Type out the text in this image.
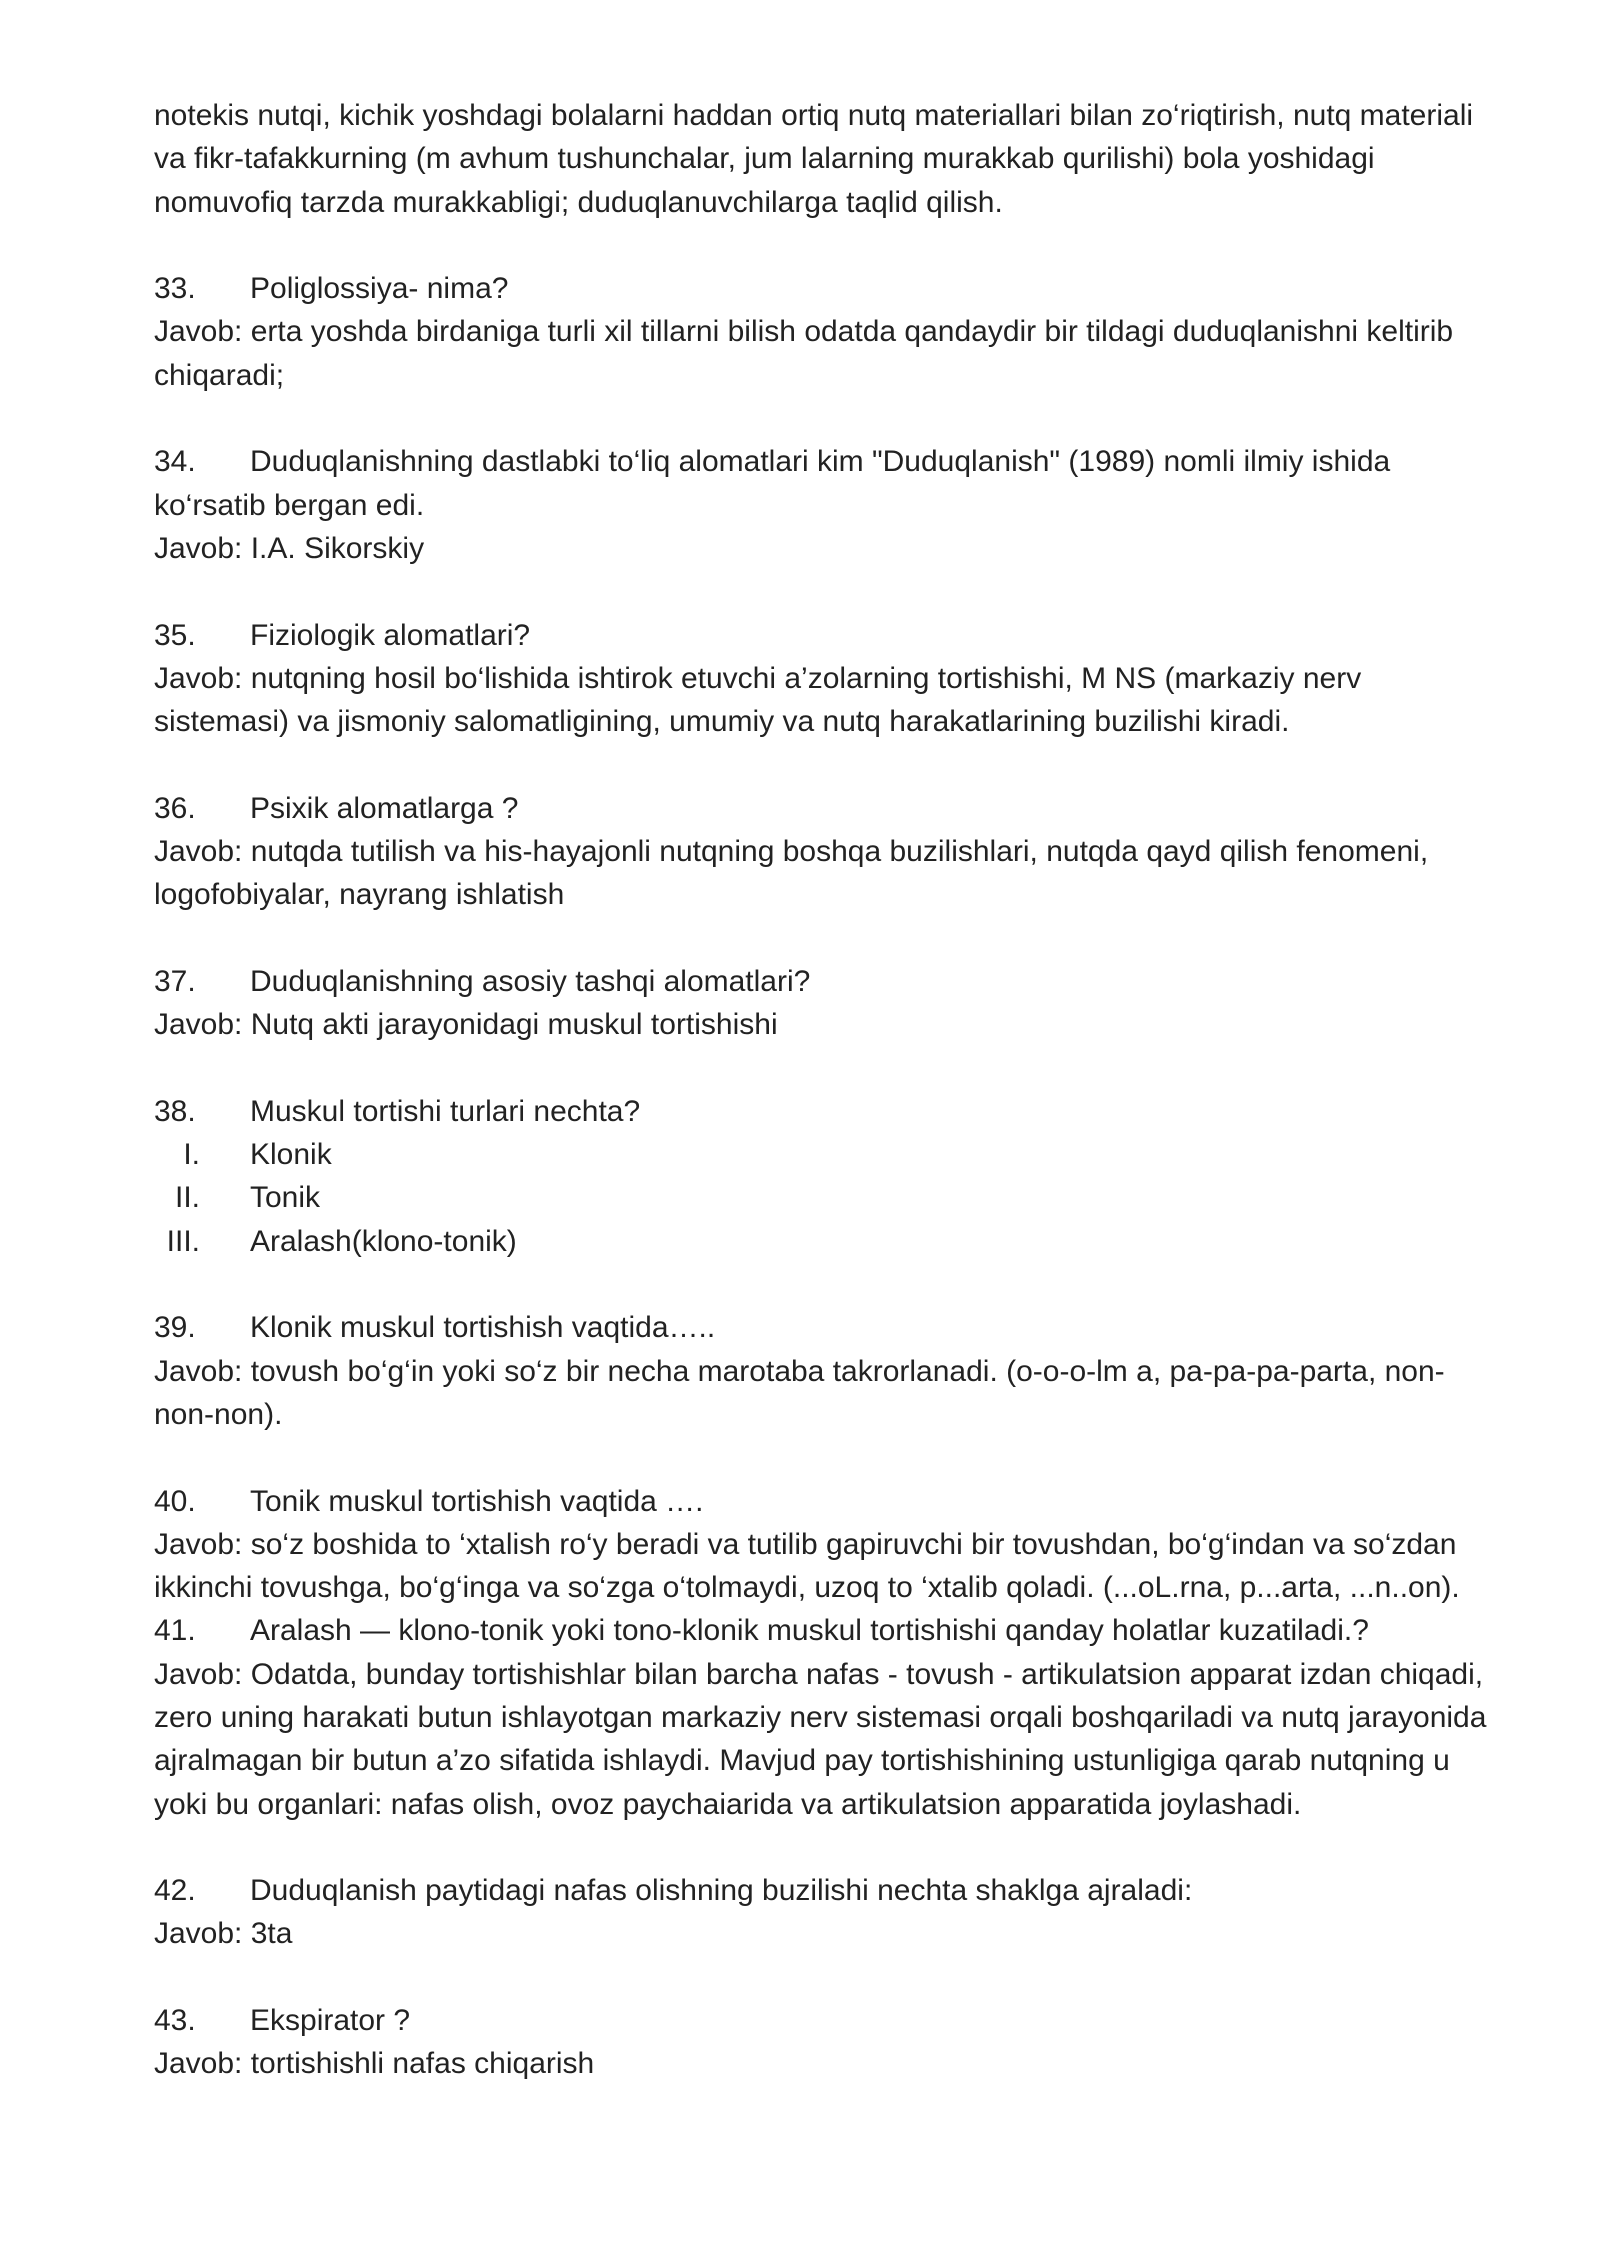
notekis nutqi, kichik yoshdagi bolalarni haddan ortiq nutq materiallari bilan zo‘riqtirish, nutq materiali va fikr-tafakkurning (m avhum tushunchalar, jum lalarning murakkab qurilishi) bola yoshidagi nomuvofiq tarzda murakkabligi; duduqlanuvchilarga taqlid qilish.

33. Poliglossiya- nima?

Javob: erta yoshda birdaniga turli xil tillarni bilish odatda qandaydir bir tildagi duduqlanishni keltirib chiqaradi;

34. Duduqlanishning dastlabki to‘liq alomatlari kim "Duduqlanish" (1989) nomli ilmiy ishida ko‘rsatib bergan edi.

Javob: I.A. Sikorskiy

35. Fiziologik alomatlari?

Javob: nutqning hosil bo‘lishida ishtirok etuvchi a’zolarning tortishishi, M NS (markaziy nerv sistemasi) va jismoniy salomatligining, umumiy va nutq harakatlarining buzilishi kiradi.

36. Psixik alomatlarga ?

Javob: nutqda tutilish va his-hayajonli nutqning boshqa buzilishlari, nutqda qayd qilish fenomeni, logofobiyalar, nayrang ishlatish

37. Duduqlanishning asosiy tashqi alomatlari?

Javob: Nutq akti jarayonidagi muskul tortishishi

38. Muskul tortishi turlari nechta?

I. Klonik
II. Tonik
III. Aralash(klono-tonik)

39. Klonik muskul tortishish vaqtida…..

Javob: tovush bo‘g‘in yoki so‘z bir necha marotaba takrorlanadi. (o-o-o-lm a, pa-pa-pa-parta, non-non-non).

40. Tonik muskul tortishish vaqtida ….

Javob: so‘z boshida to ‘xtalish ro‘y beradi va tutilib gapiruvchi bir tovushdan, bo‘g‘indan va so‘zdan ikkinchi tovushga, bo‘g‘inga va so‘zga o‘tolmaydi, uzoq to ‘xtalib qoladi. (...oL.rna, p...arta, ...n..on).

41. Aralash — klono-tonik yoki tono-klonik muskul tortishishi qanday holatlar kuzatiladi.?

Javob: Odatda, bunday tortishishlar bilan barcha nafas - tovush - artikulatsion apparat izdan chiqadi, zero uning harakati butun ishlayotgan markaziy nerv sistemasi orqali boshqariladi va nutq jarayonida ajralmagan bir butun a’zo sifatida ishlaydi. Mavjud pay tortishishining ustunligiga qarab nutqning u yoki bu organlari: nafas olish, ovoz paychaiarida va artikulatsion apparatida joylashadi.

42. Duduqlanish paytidagi nafas olishning buzilishi nechta shaklga ajraladi:

Javob: 3ta

43. Ekspirator ?

Javob: tortishishli nafas chiqarish
